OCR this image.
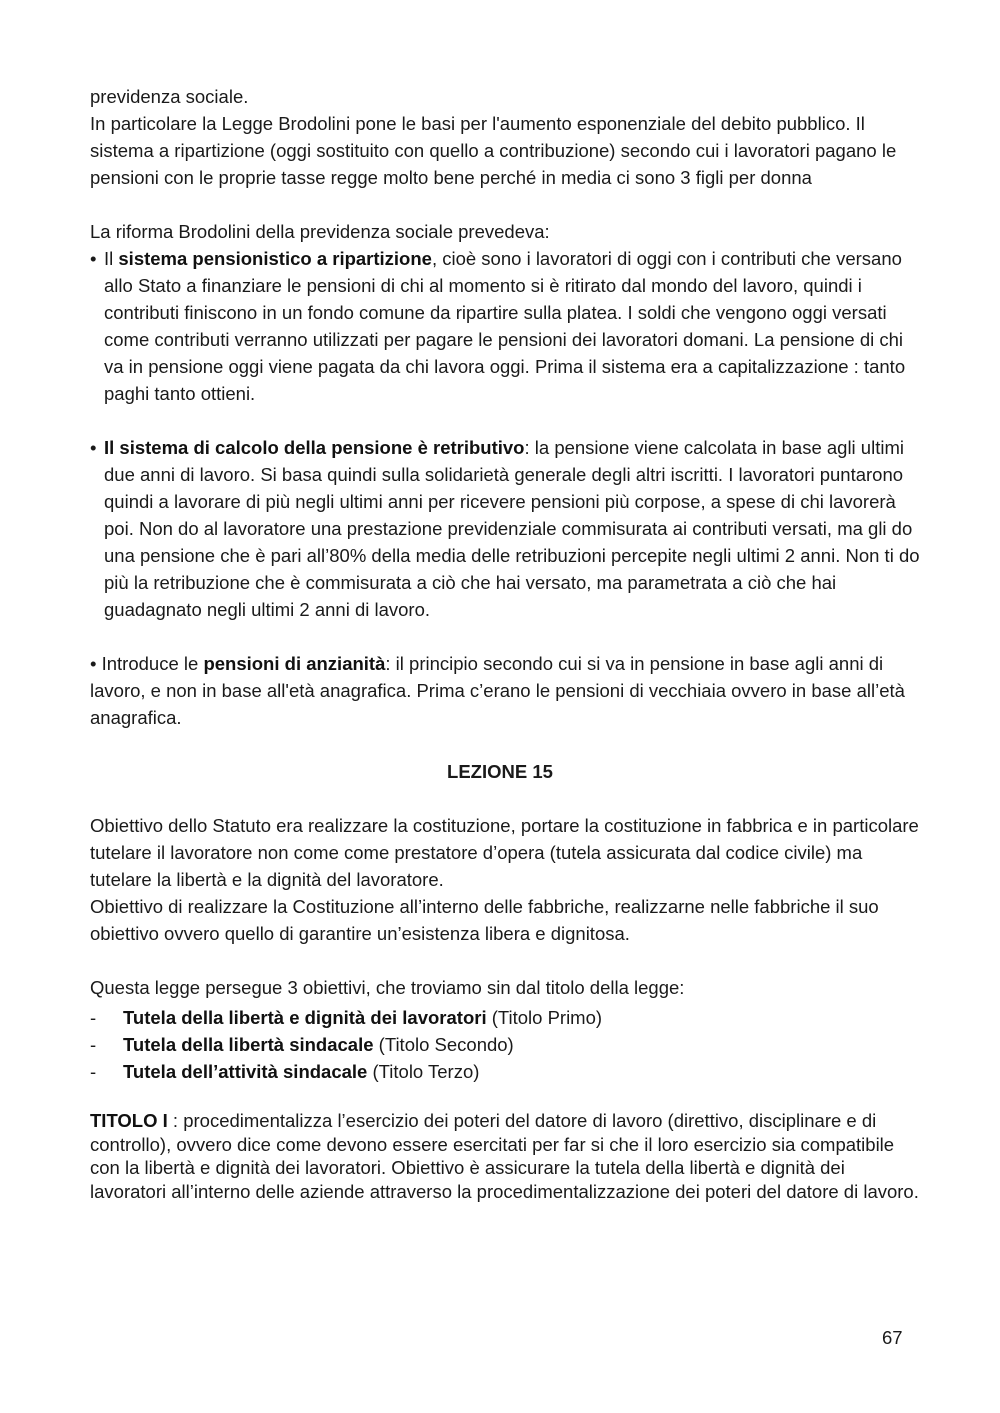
previdenza sociale.

In particolare la Legge Brodolini pone le basi per l'aumento esponenziale del debito pubblico. Il sistema a ripartizione (oggi sostituito con quello a contribuzione) secondo cui i lavoratori pagano le pensioni con le proprie tasse regge molto bene perché in media ci sono 3 figli per donna

La riforma Brodolini della previdenza sociale prevedeva:

• Il sistema pensionistico a ripartizione, cioè sono i lavoratori di oggi con i contributi che versano allo Stato a finanziare le pensioni di chi al momento si è ritirato dal mondo del lavoro, quindi i contributi finiscono in un fondo comune da ripartire sulla platea. I soldi che vengono oggi versati come contributi verranno utilizzati per pagare le pensioni dei lavoratori domani. La pensione di chi va in pensione oggi viene pagata da chi lavora oggi. Prima il sistema era a capitalizzazione : tanto paghi tanto ottieni.
• Il sistema di calcolo della pensione è retributivo: la pensione viene calcolata in base agli ultimi due anni di lavoro. Si basa quindi sulla solidarietà generale degli altri iscritti. I lavoratori puntarono quindi a lavorare di più negli ultimi anni per ricevere pensioni più corpose, a spese di chi lavorerà poi. Non do al lavoratore una prestazione previdenziale commisurata ai contributi versati, ma gli do una pensione che è pari all’80% della media delle retribuzioni percepite negli ultimi 2 anni. Non ti do più la retribuzione che è commisurata a ciò che hai versato, ma parametrata a ciò che hai guadagnato negli ultimi 2 anni di lavoro.

• Introduce le pensioni di anzianità: il principio secondo cui si va in pensione in base agli anni di lavoro, e non in base all'età anagrafica. Prima c’erano le pensioni di vecchiaia ovvero in base all’età anagrafica.

LEZIONE 15

Obiettivo dello Statuto era realizzare la costituzione, portare la costituzione in fabbrica e in particolare tutelare il lavoratore non come come prestatore d’opera (tutela assicurata dal codice civile) ma tutelare la libertà e la dignità del lavoratore.

Obiettivo di realizzare la Costituzione all’interno delle fabbriche, realizzarne nelle fabbriche il suo obiettivo ovvero quello di garantire un’esistenza libera e dignitosa.

Questa legge persegue 3 obiettivi, che troviamo sin dal titolo della legge:

-	Tutela della libertà e dignità dei lavoratori (Titolo Primo)
-	Tutela della libertà sindacale (Titolo Secondo)
-	Tutela dell’attività sindacale (Titolo Terzo)

TITOLO I : procedimentalizza l’esercizio dei poteri del datore di lavoro (direttivo, disciplinare e di controllo), ovvero dice come devono essere esercitati per far si che il loro esercizio sia compatibile con la libertà e dignità dei lavoratori. Obiettivo è assicurare la tutela della libertà e dignità dei lavoratori all’interno delle aziende attraverso la procedimentalizzazione dei poteri del datore di lavoro.

67
